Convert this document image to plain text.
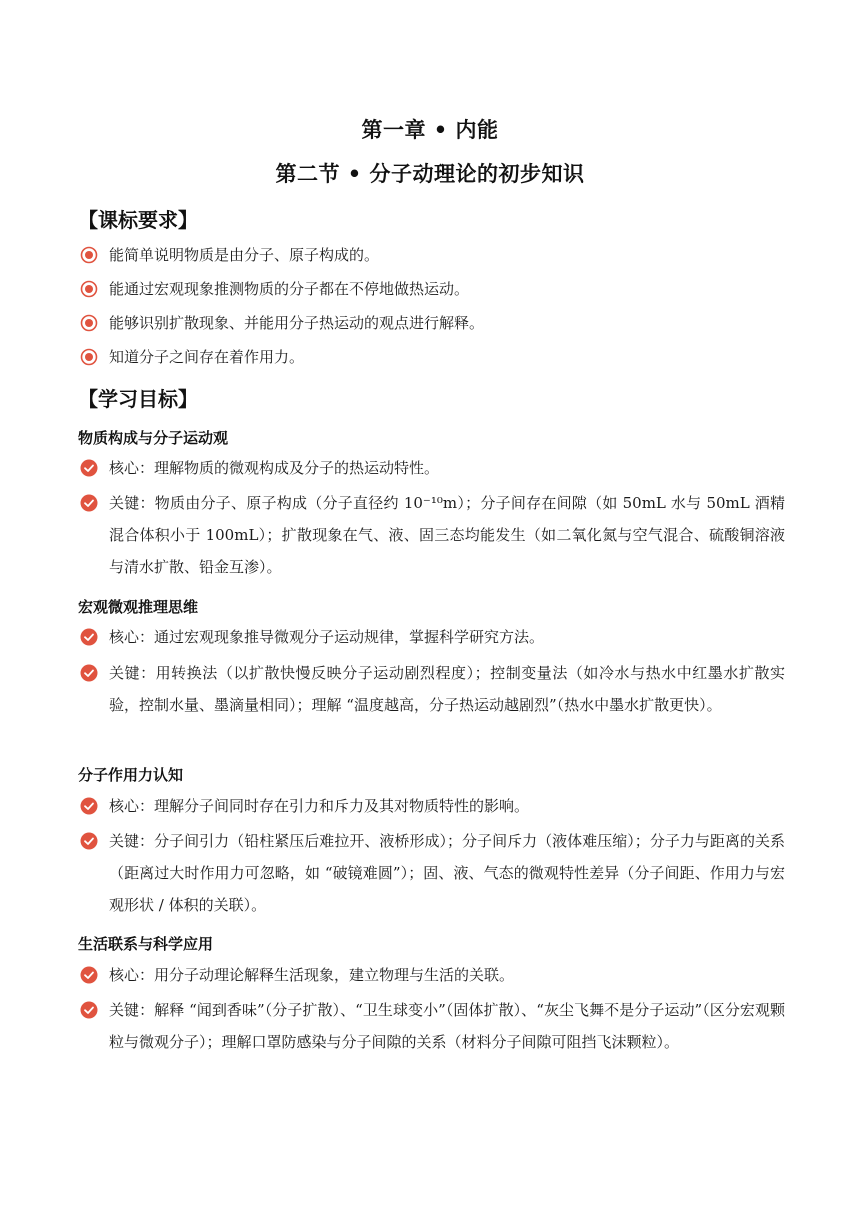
第一章 • 内能
第二节 • 分子动理论的初步知识
【课标要求】
能简单说明物质是由分子、原子构成的。
能通过宏观现象推测物质的分子都在不停地做热运动。
能够识别扩散现象、并能用分子热运动的观点进行解释。
知道分子之间存在着作用力。
【学习目标】
物质构成与分子运动观
核心：理解物质的微观构成及分子的热运动特性。
关键：物质由分子、原子构成（分子直径约 10⁻¹⁰m）；分子间存在间隙（如 50mL 水与 50mL 酒精混合体积小于 100mL）；扩散现象在气、液、固三态均能发生（如二氧化氮与空气混合、硫酸铜溶液与清水扩散、铅金互渗）。
宏观微观推理思维
核心：通过宏观现象推导微观分子运动规律，掌握科学研究方法。
关键：用转换法（以扩散快慢反映分子运动剧烈程度）；控制变量法（如冷水与热水中红墨水扩散实验，控制水量、墨滴量相同）；理解 “温度越高，分子热运动越剧烈”（热水中墨水扩散更快）。
分子作用力认知
核心：理解分子间同时存在引力和斥力及其对物质特性的影响。
关键：分子间引力（铅柱紧压后难拉开、液桥形成）；分子间斥力（液体难压缩）；分子力与距离的关系（距离过大时作用力可忽略，如 “破镜难圆”）；固、液、气态的微观特性差异（分子间距、作用力与宏观形状 / 体积的关联）。
生活联系与科学应用
核心：用分子动理论解释生活现象，建立物理与生活的关联。
关键：解释 “闻到香味”（分子扩散）、“卫生球变小”（固体扩散）、“灰尘飞舞不是分子运动”（区分宏观颗粒与微观分子）；理解口罩防感染与分子间隙的关系（材料分子间隙可阻挡飞沫颗粒）。
